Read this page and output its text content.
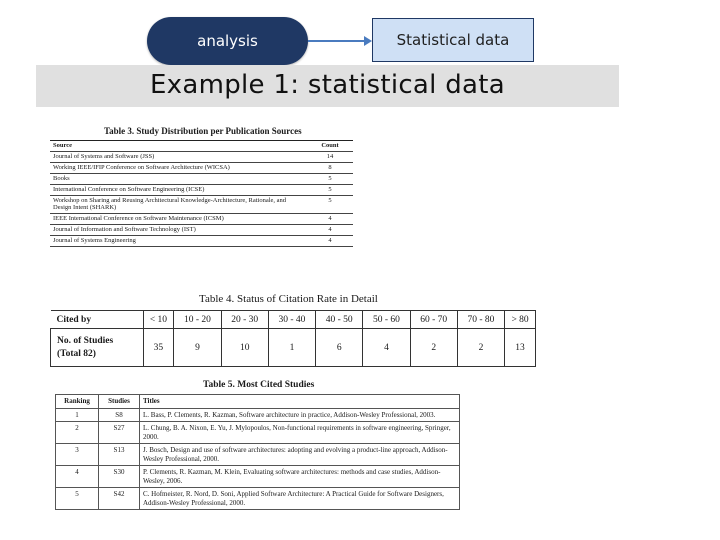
analysis	Statistical data
Example 1: statistical data
Table 3. Study Distribution per Publication Sources
Source	Count
Journal of Systems and Software (JSS)	14
Working IEEE/IFIP Conference on Software Architecture (WICSA)	8
Books	5
International Conference on Software Engineering (ICSE)	5
Workshop on Sharing and Reusing Architectural Knowledge-Architecture, Rationale, and Design Intent (SHARK)	5
IEEE International Conference on Software Maintenance (ICSM)	4
Journal of Information and Software Technology (IST)	4
Journal of Systems Engineering	4
Table 4. Status of Citation Rate in Detail
Cited by	< 10	10 - 20	20 - 30	30 - 40	40 - 50	50 - 60	60 - 70	70 - 80	> 80

No. of Studies
(Total 82)	35	9	10	1	6	4	2	2	13
Table 5. Most Cited Studies
Ranking	Studies	Titles
1	S8	L. Bass, P. Clements, R. Kazman, Software architecture in practice, Addison-Wesley Professional, 2003.
2	S27	L. Chung, B. A. Nixon, E. Yu, J. Mylopoulos, Non-functional requirements in software engineering, Springer, 2000.
3	S13	J. Bosch, Design and use of software architectures: adopting and evolving a product-line approach, Addison-Wesley Professional, 2000.
4	S30	P. Clements, R. Kazman, M. Klein, Evaluating software architectures: methods and case studies, Addison-Wesley, 2006.
5	S42	C. Hofmeister, R. Nord, D. Soni, Applied Software Architecture: A Practical Guide for Software Designers, Addison-Wesley Professional, 2000.
